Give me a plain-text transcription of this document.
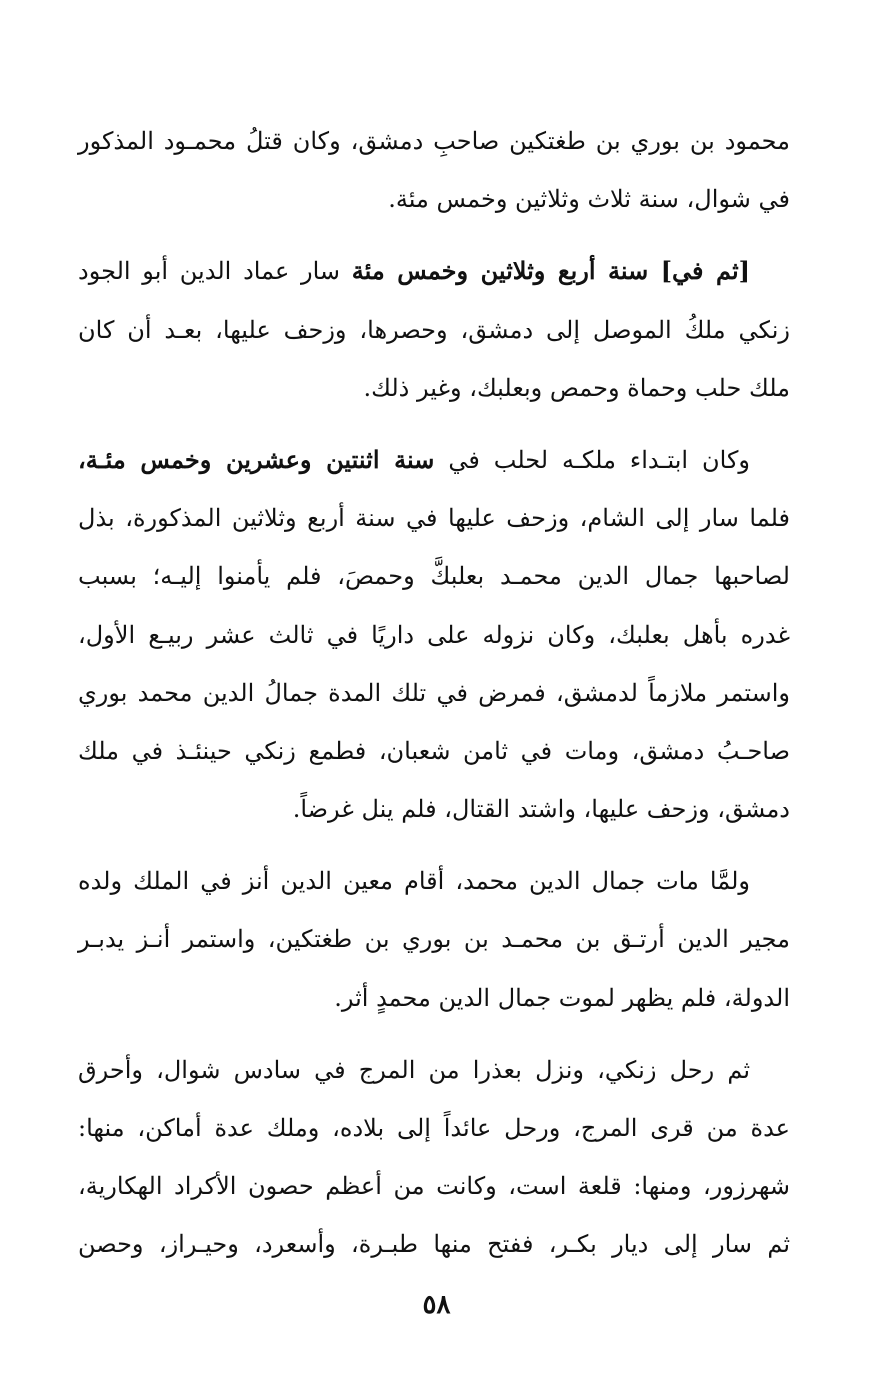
محمود بن بوري بن طغتكين صاحبِ دمشق، وكان قتلُ محمـود المذكور
في شوال، سنة ثلاث وثلاثين وخمس مئة.
[ثم في] سنة أربع وثلاثين وخمس مئة سار عماد الدين أبو الجود
زنكي ملكُ الموصل إلى دمشق، وحصرها، وزحف عليها، بعـد أن كان
ملك حلب وحماة وحمص وبعلبك، وغير ذلك.
وكان ابتـداء ملكـه لحلب في سنة اثنتين وعشرين وخمس مئـة،
فلما سار إلى الشام، وزحف عليها في سنة أربع وثلاثين المذكورة، بذل
لصاحبها جمال الدين محمـد بعلبكَّ وحمصَ، فلم يأمنوا إليـه؛ بسبب
غدره بأهل بعلبك، وكان نزوله على داريًا في ثالث عشر ربيـع الأول،
واستمر ملازماً لدمشق، فمرض في تلك المدة جمالُ الدين محمد بوري
صاحـبُ دمشق، ومات في ثامن شعبان، فطمع زنكي حينئـذ في ملك
دمشق، وزحف عليها، واشتد القتال، فلم ينل غرضاً.
ولمَّا مات جمال الدين محمد، أقام معين الدين أنز في الملك ولده
مجير الدين أرتـق بن محمـد بن بوري بن طغتكين، واستمر أنـز يدبـر
الدولة، فلم يظهر لموت جمال الدين محمدٍ أثر.
ثم رحل زنكي، ونزل بعذرا من المرج في سادس شوال، وأحرق
عدة من قرى المرج، ورحل عائداً إلى بلاده، وملك عدة أماكن، منها:
شهرزور، ومنها: قلعة است، وكانت من أعظم حصون الأكراد الهكارية،
ثم سار إلى ديار بكـر، ففتح منها طبـرة، وأسعرد، وحيـراز، وحصن
٥٨
